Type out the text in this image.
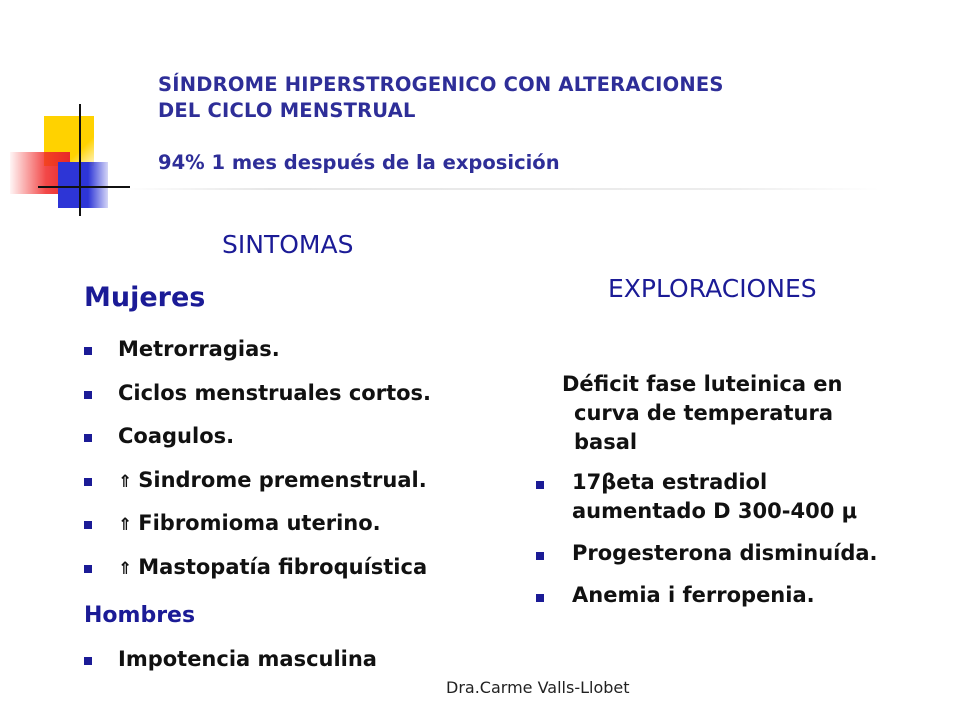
SÍNDROME HIPERSTROGENICO CON ALTERACIONES

DEL CICLO MENSTRUAL

94% 1 mes después de la exposición
SINTOMAS
Mujeres
Metrorragias.
Ciclos menstruales cortos.
Coagulos.
⇑ Sindrome premenstrual.
⇑ Fibromioma uterino.
⇑ Mastopatía fibroquística
Hombres
Impotencia masculina
EXPLORACIONES
Déficit fase luteinica en
curva de temperatura
basal
17βeta estradiol
aumentado D 300-400 μ
Progesterona disminuída.
Anemia i ferropenia.
Dra.Carme Valls-Llobet
